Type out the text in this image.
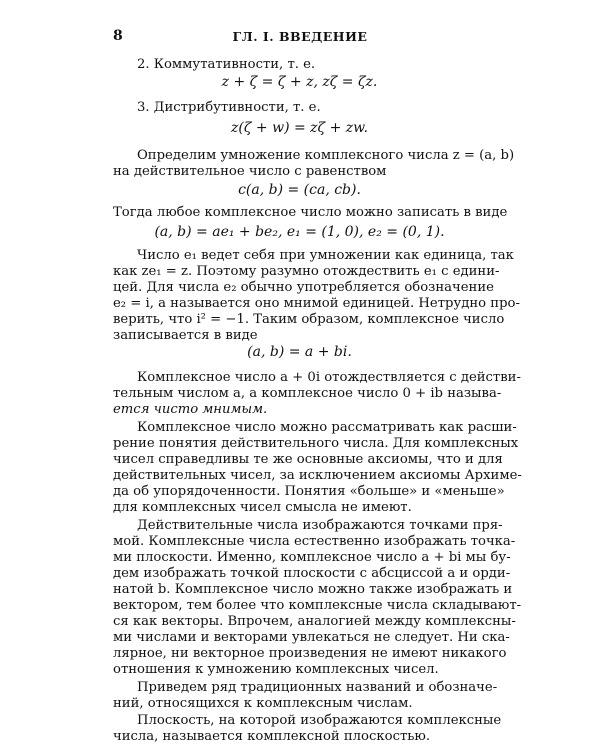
8	ГЛ. I. ВВЕДЕНИЕ
2. Коммутативности, т. е.
z + ζ = ζ + z, zζ = ζz.
3. Дистрибутивности, т. е.
z(ζ + w) = zζ + zw.
Определим умножение комплексного числа z = (a, b)
на действительное число c равенством
c(a, b) = (ca, cb).
Тогда любое комплексное число можно записать в виде
(a, b) = ae₁ + be₂, e₁ = (1, 0), e₂ = (0, 1).
Число e₁ ведет себя при умножении как единица, так
как ze₁ = z. Поэтому разумно отождествить e₁ с едини-
цей. Для числа e₂ обычно употребляется обозначение
e₂ = i, а называется оно мнимой единицей. Нетрудно про-
верить, что i² = −1. Таким образом, комплексное число
записывается в виде
(a, b) = a + bi.
Комплексное число a + 0i отождествляется с действи-
тельным числом a, а комплексное число 0 + ib называ-
ется чисто мнимым.
Комплексное число можно рассматривать как расши-
рение понятия действительного числа. Для комплексных
чисел справедливы те же основные аксиомы, что и для
действительных чисел, за исключением аксиомы Архиме-
да об упорядоченности. Понятия «больше» и «меньше»
для комплексных чисел смысла не имеют.
Действительные числа изображаются точками пря-
мой. Комплексные числа естественно изображать точка-
ми плоскости. Именно, комплексное число a + bi мы бу-
дем изображать точкой плоскости с абсциссой a и орди-
натой b. Комплексное число можно также изображать и
вектором, тем более что комплексные числа складывают-
ся как векторы. Впрочем, аналогией между комплексны-
ми числами и векторами увлекаться не следует. Ни ска-
лярное, ни векторное произведения не имеют никакого
отношения к умножению комплексных чисел.
Приведем ряд традиционных названий и обозначе-
ний, относящихся к комплексным числам.
Плоскость, на которой изображаются комплексные
числа, называется комплексной плоскостью.
